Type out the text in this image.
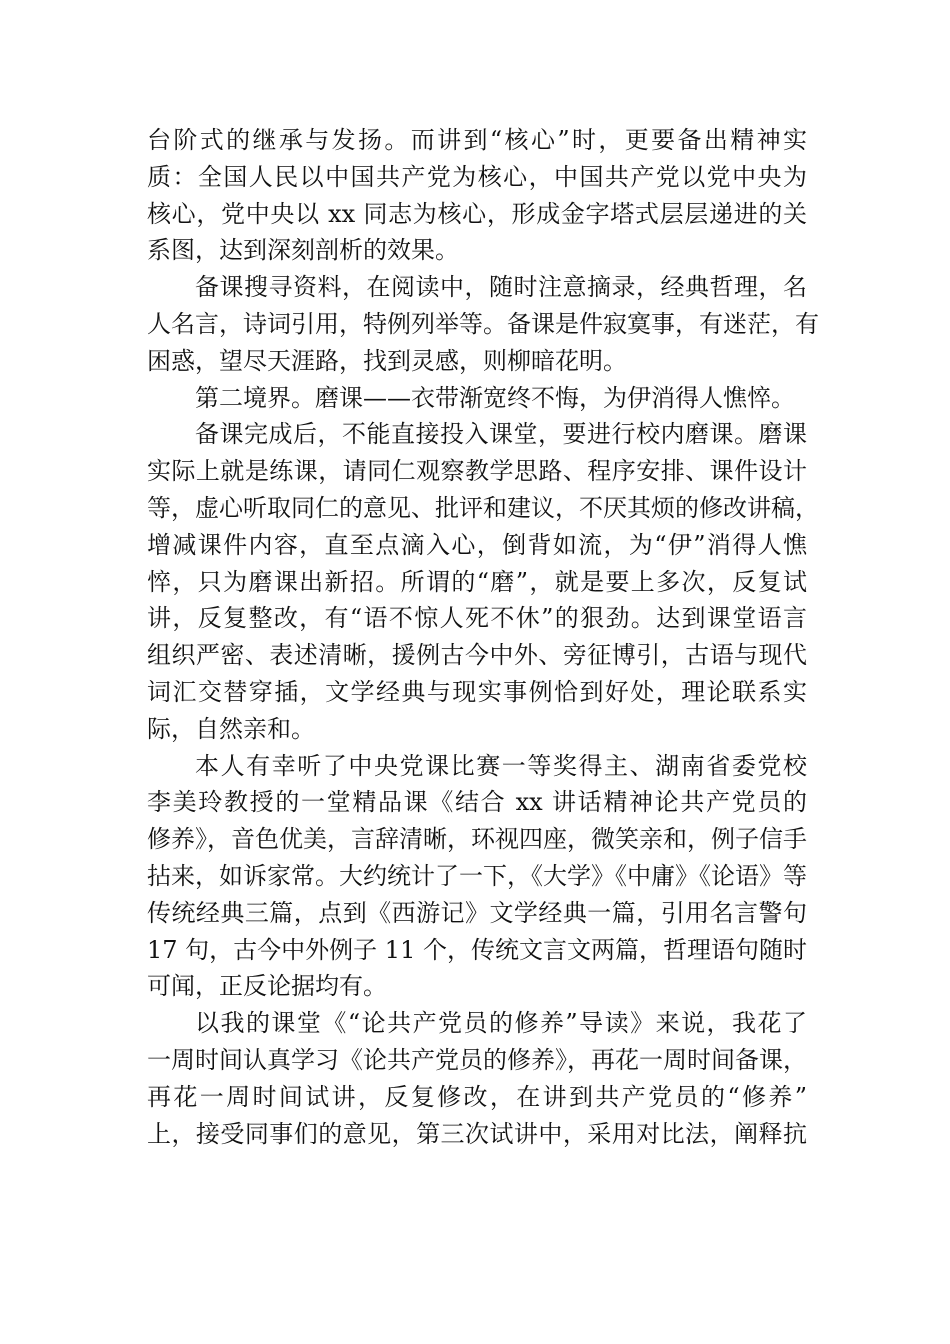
台阶式的继承与发扬。而讲到“核心”时，更要备出精神实
质：全国人民以中国共产党为核心，中国共产党以党中央为
核心，党中央以 xx 同志为核心，形成金字塔式层层递进的关
系图，达到深刻剖析的效果。
备课搜寻资料，在阅读中，随时注意摘录，经典哲理，名
人名言，诗词引用，特例列举等。备课是件寂寞事，有迷茫，有
困惑，望尽天涯路，找到灵感，则柳暗花明。
第二境界。磨课——衣带渐宽终不悔，为伊消得人憔悴。
备课完成后，不能直接投入课堂，要进行校内磨课。磨课
实际上就是练课，请同仁观察教学思路、程序安排、课件设计
等，虚心听取同仁的意见、批评和建议，不厌其烦的修改讲稿，
增减课件内容，直至点滴入心，倒背如流，为“伊”消得人憔
悴，只为磨课出新招。所谓的“磨”，就是要上多次，反复试
讲，反复整改，有“语不惊人死不休”的狠劲。达到课堂语言
组织严密、表述清晰，援例古今中外、旁征博引，古语与现代
词汇交替穿插，文学经典与现实事例恰到好处，理论联系实
际，自然亲和。
本人有幸听了中央党课比赛一等奖得主、湖南省委党校
李美玲教授的一堂精品课《结合 xx 讲话精神论共产党员的
修养》，音色优美，言辞清晰，环视四座，微笑亲和，例子信手
拈来，如诉家常。大约统计了一下，《大学》《中庸》《论语》等
传统经典三篇，点到《西游记》文学经典一篇，引用名言警句
17 句，古今中外例子 11 个，传统文言文两篇，哲理语句随时
可闻，正反论据均有。
以我的课堂《“论共产党员的修养”导读》来说，我花了
一周时间认真学习《论共产党员的修养》，再花一周时间备课，
再花一周时间试讲，反复修改，在讲到共产党员的“修养”
上，接受同事们的意见，第三次试讲中，采用对比法，阐释抗
